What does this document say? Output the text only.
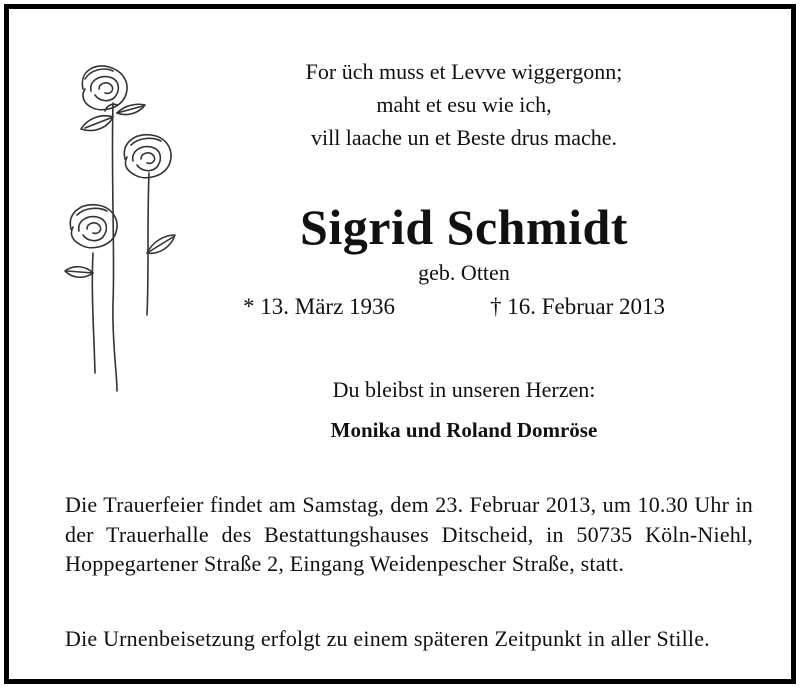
For üch muss et Levve wiggergonn;
maht et esu wie ich,
vill laache un et Beste drus mache.
Sigrid Schmidt
geb. Otten
* 13. März 1936	† 16. Februar 2013
Du bleibst in unseren Herzen:
Monika und Roland Domröse
Die Trauerfeier findet am Samstag, dem 23. Februar 2013, um 10.30 Uhr in der Trauerhalle des Bestattungshauses Ditscheid, in 50735 Köln-Niehl, Hoppegartener Straße 2, Eingang Weidenpescher Straße, statt.
Die Urnenbeisetzung erfolgt zu einem späteren Zeitpunkt in aller Stille.
